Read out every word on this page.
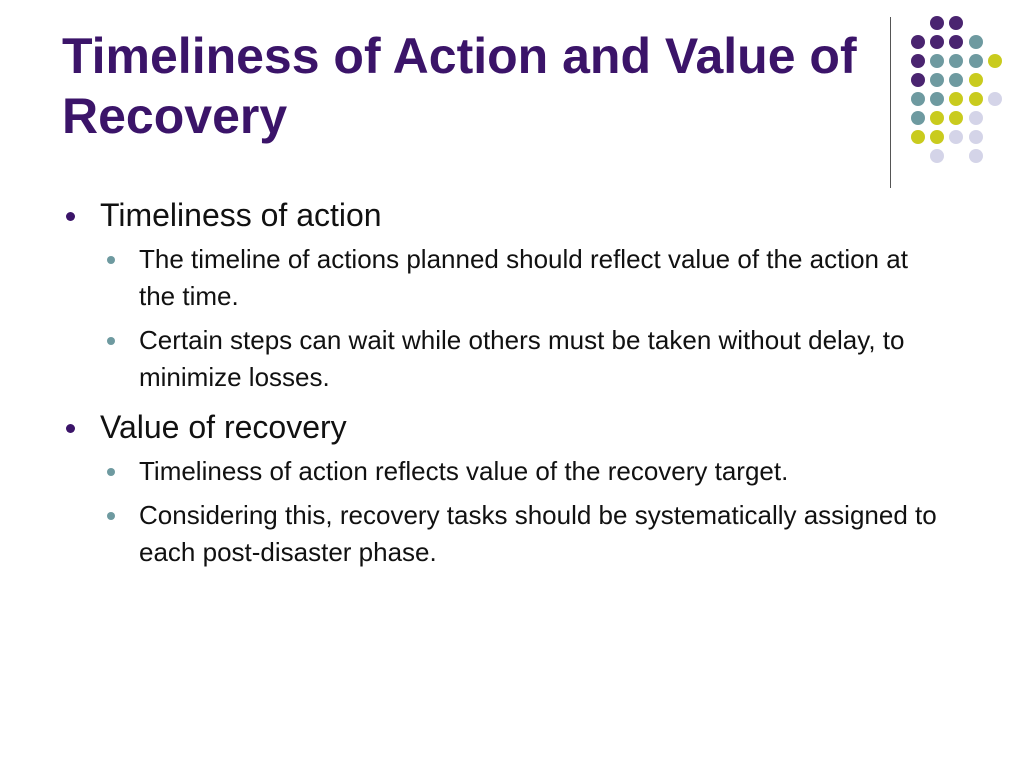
Timeliness of Action and Value of Recovery
Timeliness of action
The timeline of actions planned should reflect value of the action at the time.
Certain steps can wait while others must be taken without delay, to minimize losses.
Value of recovery
Timeliness of action reflects value of the recovery target.
Considering this, recovery tasks should be systematically assigned to each post-disaster phase.
